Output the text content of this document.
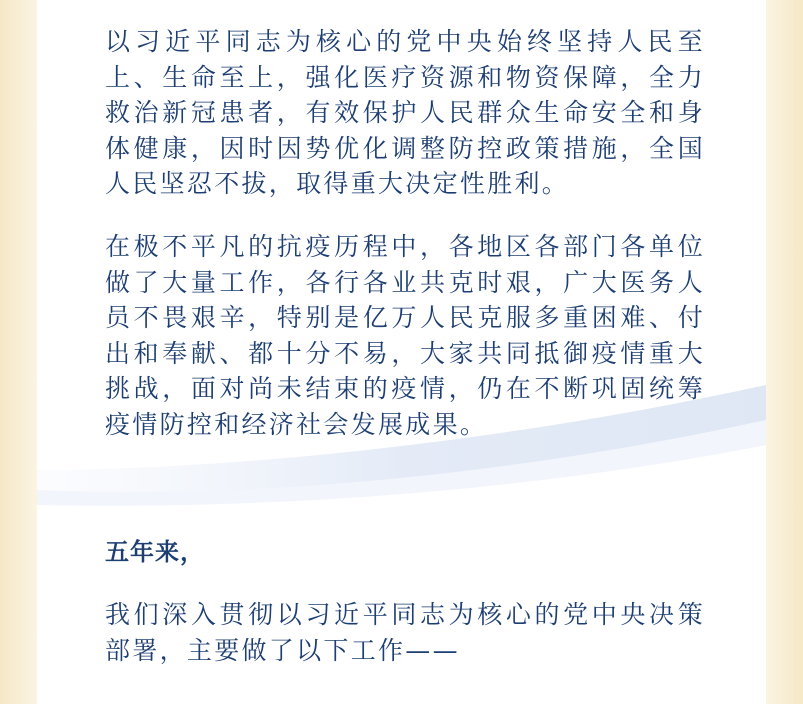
以习近平同志为核心的党中央始终坚持人民至上、生命至上，强化医疗资源和物资保障，全力救治新冠患者，有效保护人民群众生命安全和身体健康，因时因势优化调整防控政策措施，全国人民坚忍不拔，取得重大决定性胜利。

在极不平凡的抗疫历程中，各地区各部门各单位做了大量工作，各行各业共克时艰，广大医务人员不畏艰辛，特别是亿万人民克服多重困难、付出和奉献、都十分不易，大家共同抵御疫情重大挑战，面对尚未结束的疫情，仍在不断巩固统筹疫情防控和经济社会发展成果。

五年来，

我们深入贯彻以习近平同志为核心的党中央决策部署，主要做了以下工作——
